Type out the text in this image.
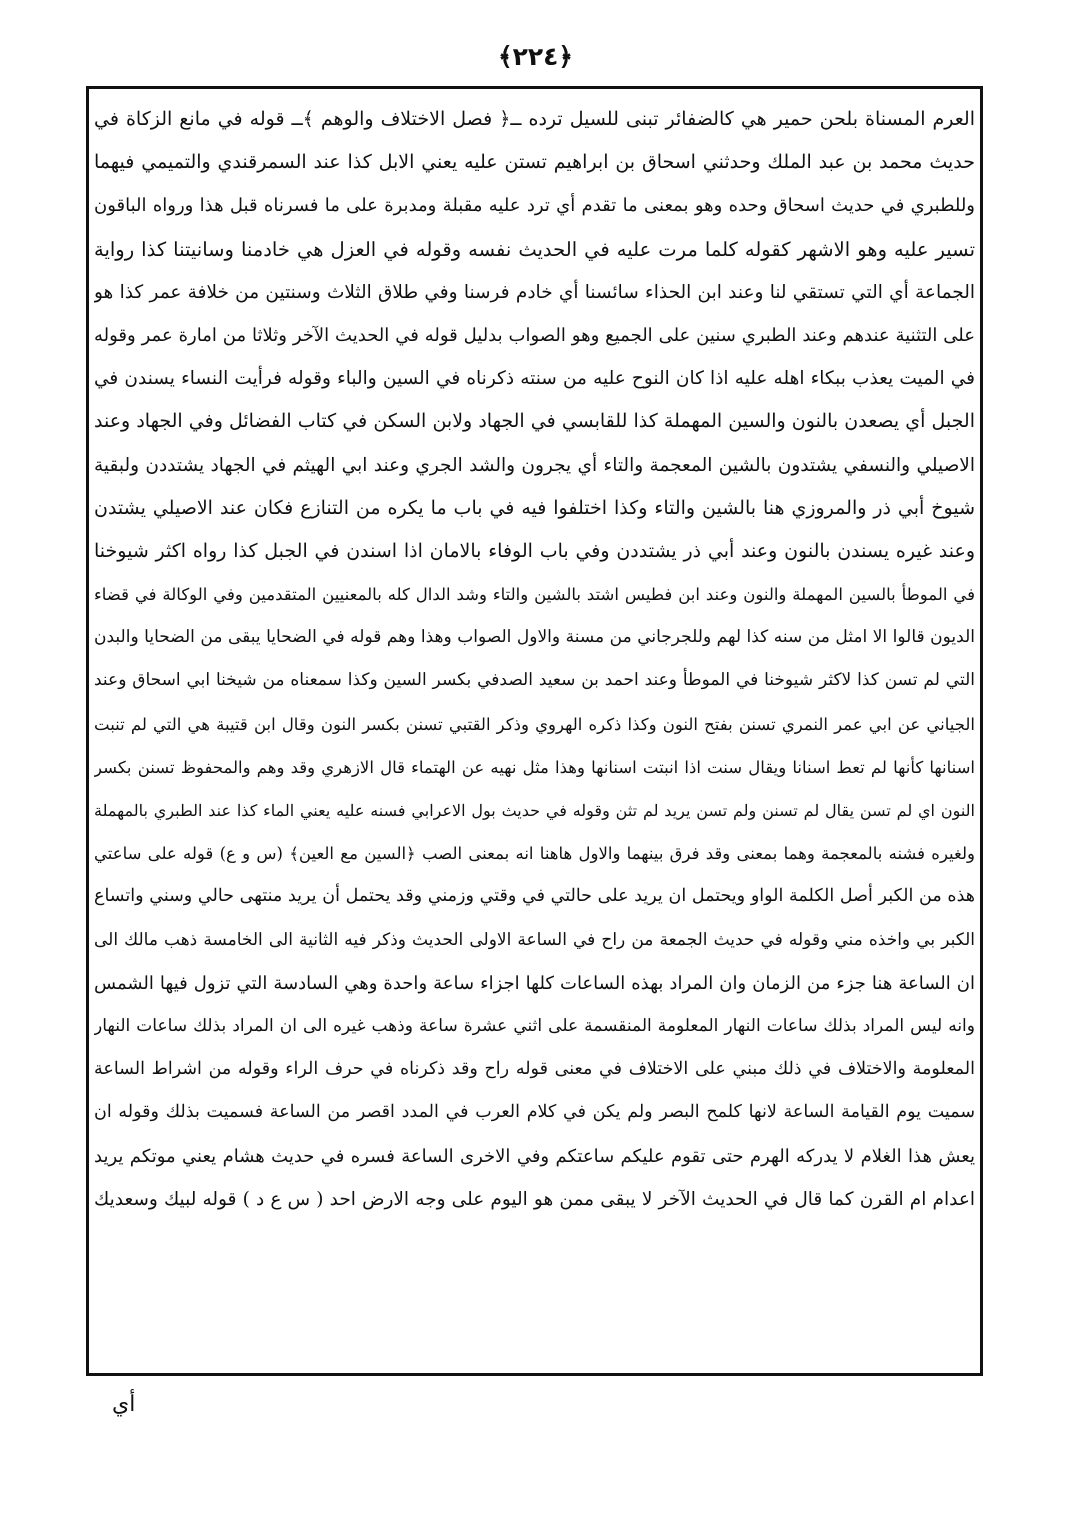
﴿٢٢٤﴾
العرم المسناة بلحن حمير هي كالضفائر تبنى للسيل ترده ــ﴿ فصل الاختلاف والوهم ﴾ــ قوله في مانع الزكاة في
حديث محمد بن عبد الملك وحدثني اسحاق بن ابراهيم تستن عليه يعني الابل كذا عند السمرقندي والتميمي فيهما
وللطبري في حديث اسحاق وحده وهو بمعنى ما تقدم أي ترد عليه مقبلة ومدبرة على ما فسرناه قبل هذا ورواه الباقون
تسير عليه وهو الاشهر كقوله كلما مرت عليه في الحديث نفسه وقوله في العزل هي خادمنا وسانيتنا كذا رواية
الجماعة أي التي تستقي لنا وعند ابن الحذاء سائسنا أي خادم فرسنا وفي طلاق الثلاث وسنتين من خلافة عمر كذا هو
على التثنية عندهم وعند الطبري سنين على الجميع وهو الصواب بدليل قوله في الحديث الآخر وثلاثا من امارة عمر وقوله
في الميت يعذب ببكاء اهله عليه اذا كان النوح عليه من سنته ذكرناه في السين والباء وقوله فرأيت النساء يسندن في
الجبل أي يصعدن بالنون والسين المهملة كذا للقابسي في الجهاد ولابن السكن في كتاب الفضائل وفي الجهاد وعند
الاصيلي والنسفي يشتدون بالشين المعجمة والتاء أي يجرون والشد الجري وعند ابي الهيثم في الجهاد يشتددن ولبقية
شيوخ أبي ذر والمروزي هنا بالشين والتاء وكذا اختلفوا فيه في باب ما يكره من التنازع فكان عند الاصيلي يشتدن
وعند غيره يسندن بالنون وعند أبي ذر يشتددن وفي باب الوفاء بالامان اذا اسندن في الجبل كذا رواه اكثر شيوخنا
في الموطأ بالسين المهملة والنون وعند ابن فطيس اشتد بالشين والتاء وشد الدال كله بالمعنيين المتقدمين وفي الوكالة في قضاء
الديون قالوا الا امثل من سنه كذا لهم وللجرجاني من مسنة والاول الصواب وهذا وهم قوله في الضحايا يبقى من الضحايا والبدن
التي لم تسن كذا لاكثر شيوخنا في الموطأ وعند احمد بن سعيد الصدفي بكسر السين وكذا سمعناه من شيخنا ابي اسحاق وعند
الجياني عن ابي عمر النمري تسنن بفتح النون وكذا ذكره الهروي وذكر القتبي تسنن بكسر النون وقال ابن قتيبة هي التي لم تنبت
اسنانها كأنها لم تعط اسنانا ويقال سنت اذا انبتت اسنانها وهذا مثل نهيه عن الهتماء قال الازهري وقد وهم والمحفوظ تسنن بكسر
النون اي لم تسن يقال لم تسنن ولم تسن يريد لم تثن وقوله في حديث بول الاعرابي فسنه عليه يعني الماء كذا عند الطبري بالمهملة
ولغيره فشنه بالمعجمة وهما بمعنى وقد فرق بينهما والاول هاهنا انه بمعنى الصب ﴿السين مع العين﴾ (س و ع) قوله على ساعتي
هذه من الكبر أصل الكلمة الواو ويحتمل ان يريد على حالتي في وقتي وزمني وقد يحتمل أن يريد منتهى حالي وسني واتساع
الكبر بي واخذه مني وقوله في حديث الجمعة من راح في الساعة الاولى الحديث وذكر فيه الثانية الى الخامسة ذهب مالك الى
ان الساعة هنا جزء من الزمان وان المراد بهذه الساعات كلها اجزاء ساعة واحدة وهي السادسة التي تزول فيها الشمس
وانه ليس المراد بذلك ساعات النهار المعلومة المنقسمة على اثني عشرة ساعة وذهب غيره الى ان المراد بذلك ساعات النهار
المعلومة والاختلاف في ذلك مبني على الاختلاف في معنى قوله راح وقد ذكرناه في حرف الراء وقوله من اشراط الساعة
سميت يوم القيامة الساعة لانها كلمح البصر ولم يكن في كلام العرب في المدد اقصر من الساعة فسميت بذلك وقوله ان
يعش هذا الغلام لا يدركه الهرم حتى تقوم عليكم ساعتكم وفي الاخرى الساعة فسره في حديث هشام يعني موتكم يريد
اعدام ام القرن كما قال في الحديث الآخر لا يبقى ممن هو اليوم على وجه الارض احد ( س ع د ) قوله لبيك وسعديك
أي
